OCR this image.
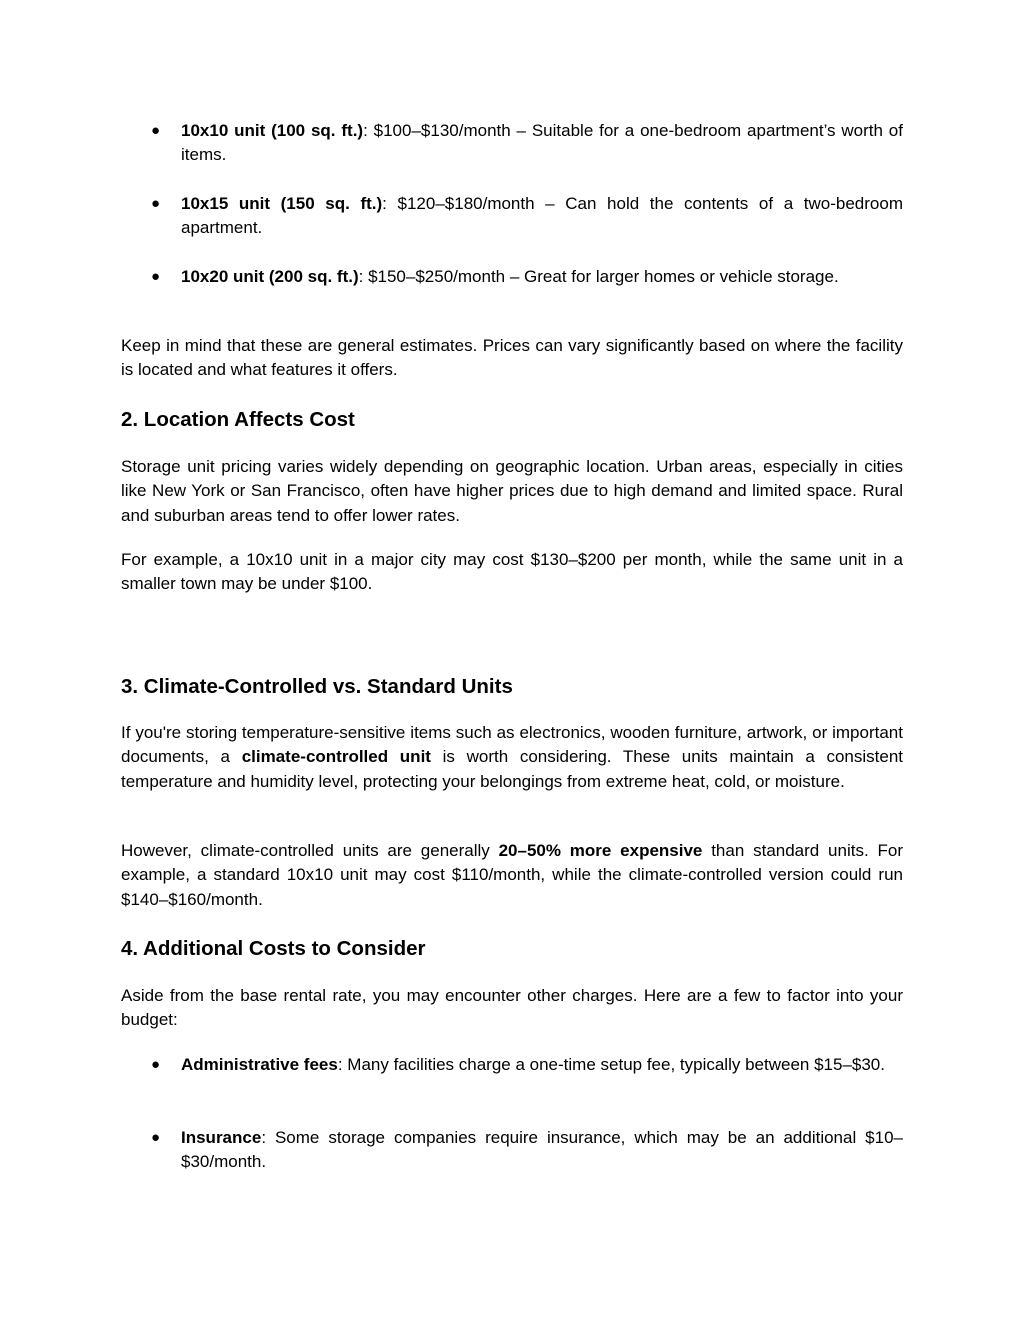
● 10x10 unit (100 sq. ft.): $100–$130/month – Suitable for a one-bedroom apartment’s worth of items.
● 10x15 unit (150 sq. ft.): $120–$180/month – Can hold the contents of a two-bedroom apartment.
● 10x20 unit (200 sq. ft.): $150–$250/month – Great for larger homes or vehicle storage.

Keep in mind that these are general estimates. Prices can vary significantly based on where the facility is located and what features it offers.

2. Location Affects Cost

Storage unit pricing varies widely depending on geographic location. Urban areas, especially in cities like New York or San Francisco, often have higher prices due to high demand and limited space. Rural and suburban areas tend to offer lower rates.

For example, a 10x10 unit in a major city may cost $130–$200 per month, while the same unit in a smaller town may be under $100.

3. Climate-Controlled vs. Standard Units

If you're storing temperature-sensitive items such as electronics, wooden furniture, artwork, or important documents, a climate-controlled unit is worth considering. These units maintain a consistent temperature and humidity level, protecting your belongings from extreme heat, cold, or moisture.

However, climate-controlled units are generally 20–50% more expensive than standard units. For example, a standard 10x10 unit may cost $110/month, while the climate-controlled version could run $140–$160/month.

4. Additional Costs to Consider

Aside from the base rental rate, you may encounter other charges. Here are a few to factor into your budget:

● Administrative fees: Many facilities charge a one-time setup fee, typically between $15–$30.
● Insurance: Some storage companies require insurance, which may be an additional $10–$30/month.
